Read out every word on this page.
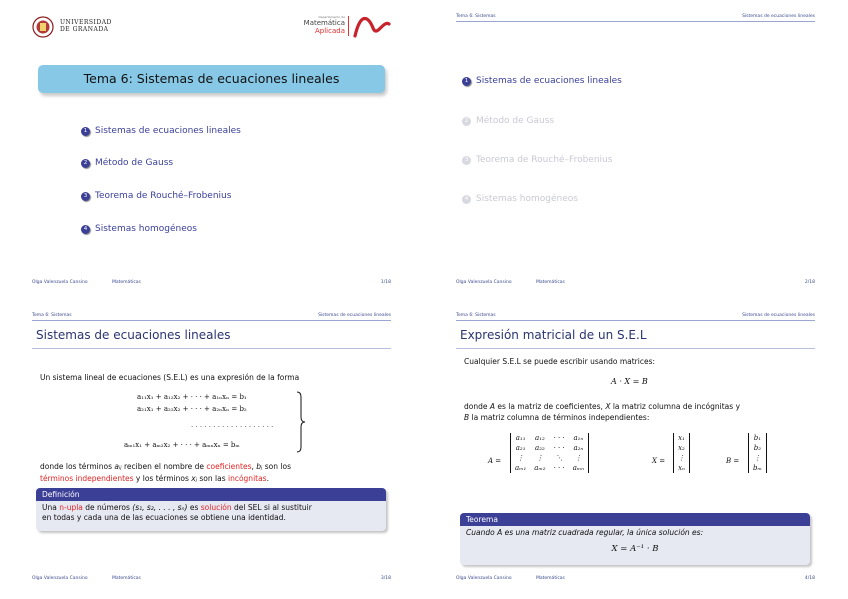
UNIVERSIDAD
DE GRANADA
Departamento de
Matemática
Aplicada
Tema 6: Sistemas de ecuaciones lineales
1 Sistemas de ecuaciones lineales
2 Método de Gauss
3 Teorema de Rouché–Frobenius
4 Sistemas homogéneos
Olga Valenzuela Cansino	Matemáticas	1/18
Tema 6: Sistemas	Sistemas de ecuaciones lineales
1 Sistemas de ecuaciones lineales
2 Método de Gauss
3 Teorema de Rouché–Frobenius
4 Sistemas homogéneos
Olga Valenzuela Cansino	Matemáticas	2/18
Tema 6: Sistemas	Sistemas de ecuaciones lineales
Sistemas de ecuaciones lineales
Un sistema lineal de ecuaciones (S.E.L) es una expresión de la forma
a₁₁x₁ + a₁₂x₂ + · · · + a₁ₙxₙ = b₁
a₂₁x₁ + a₂₂x₂ + · · · + a₂ₙxₙ = b₂
· · · · · · · · · · · · · · · · · · ·
aₘ₁x₁ + aₘ₂x₂ + · · · + aₘₙxₙ = bₘ
donde los términos aᵢⱼ reciben el nombre de coeficientes, bⱼ son los
términos independientes y los términos xⱼ son las incógnitas.
Definición
Una n-upla de números (s₁, s₂, . . . , sₙ) es solución del SEL si al sustituir
en todas y cada una de las ecuaciones se obtiene una identidad.
Olga Valenzuela Cansino	Matemáticas	3/18
Tema 6: Sistemas	Sistemas de ecuaciones lineales
Expresión matricial de un S.E.L
Cualquier S.E.L se puede escribir usando matrices:
A · X = B
donde A es la matriz de coeficientes, X la matriz columna de incógnitas y
B la matriz columna de términos independientes:
A =
a₁₁	a₁₂	· · ·	a₁ₙ
a₂₁	a₂₂	· · ·	a₂ₙ
⋮	⋮	⋱	⋮
aₘ₁	aₘ₂	· · ·	aₘₙ
X =
x₁
x₂
⋮
xₙ
B =
b₁
b₂
⋮
bₘ
Teorema
Cuando A es una matriz cuadrada regular, la única solución es:
X = A⁻¹ · B
Olga Valenzuela Cansino	Matemáticas	4/18
